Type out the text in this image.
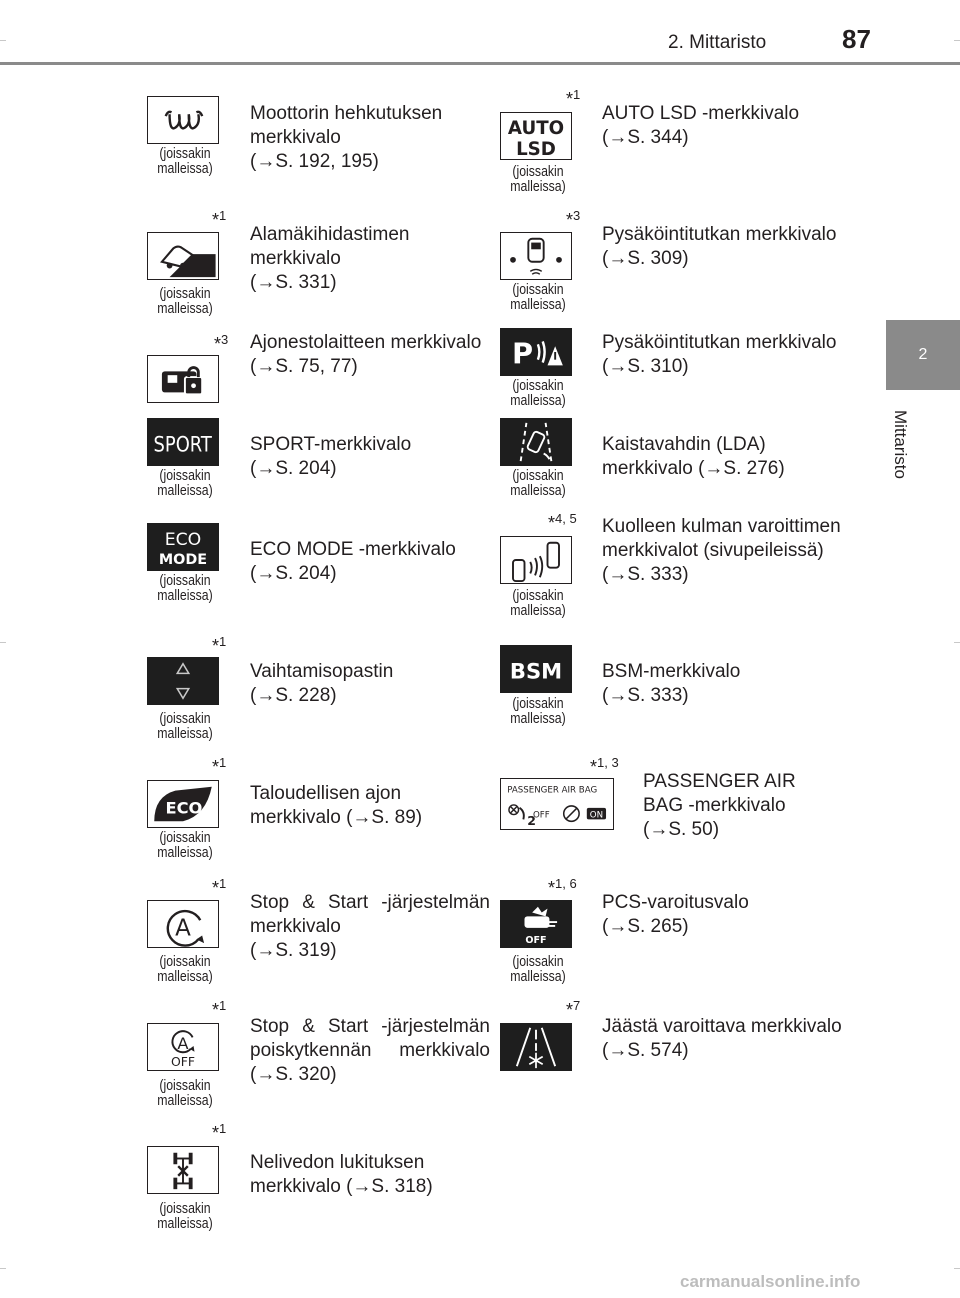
2. Mittaristo	87
2
Mittaristo
(joissakin
malleissa)
Moottorin hehkutuksen merkkivalo
(→S. 192, 195)
$*_1$
(joissakin
malleissa)
Alamäkihidastimen merkkivalo
(→S. 331)
$*_3$ Ajonestolaitteen merkkivalo
(→S. 75, 77)
SPORT
(joissakin
malleissa)
SPORT-merkkivalo
(→S. 204)
ECO
MODE
(joissakin
malleissa)
ECO MODE -merkkivalo
(→S. 204)
$*_1$
(joissakin
malleissa)
Vaihtamisopastin
(→S. 228)
$*_1$
ECO
(joissakin
malleissa)
Taloudellisen ajon merkkivalo (→S. 89)
$*_1$
A
(joissakin
malleissa)
Stop & Start -järjestelmän merkkivalo
(→S. 319)
$*_1$
A
OFF
(joissakin
malleissa)
Stop & Start -järjestelmän poiskytkennän merkkivalo (→S. 320)
$*_1$
(joissakin
malleissa)
Nelivedon lukituksen merkkivalo (→S. 318)
$*_1$
AUTO
LSD
(joissakin
malleissa)
AUTO LSD -merkkivalo
(→S. 344)
$*_3$
(joissakin
malleissa)
Pysäköintitutkan merkkivalo
(→S. 309)
P
(joissakin
malleissa)
Pysäköintitutkan merkkivalo
(→S. 310)
(joissakin
malleissa)
Kaistavahdin (LDA) merkkivalo (→S. 276)
$*_{4, 5}$
(joissakin
malleissa)
Kuolleen kulman varoittimen merkkivalot (sivupeileissä)
(→S. 333)
BSM
(joissakin
malleissa)
BSM-merkkivalo
(→S. 333)
$*_{1, 3}$
PASSENGER AIR BAG
2
OFF	ON
PASSENGER AIR BAG -merkkivalo
(→S. 50)
$*_{1, 6}$
OFF
(joissakin
malleissa)
PCS-varoitusvalo
(→S. 265)
$*_7$
Jäästä varoittava merkkivalo
(→S. 574)
carmanualsonline.info
